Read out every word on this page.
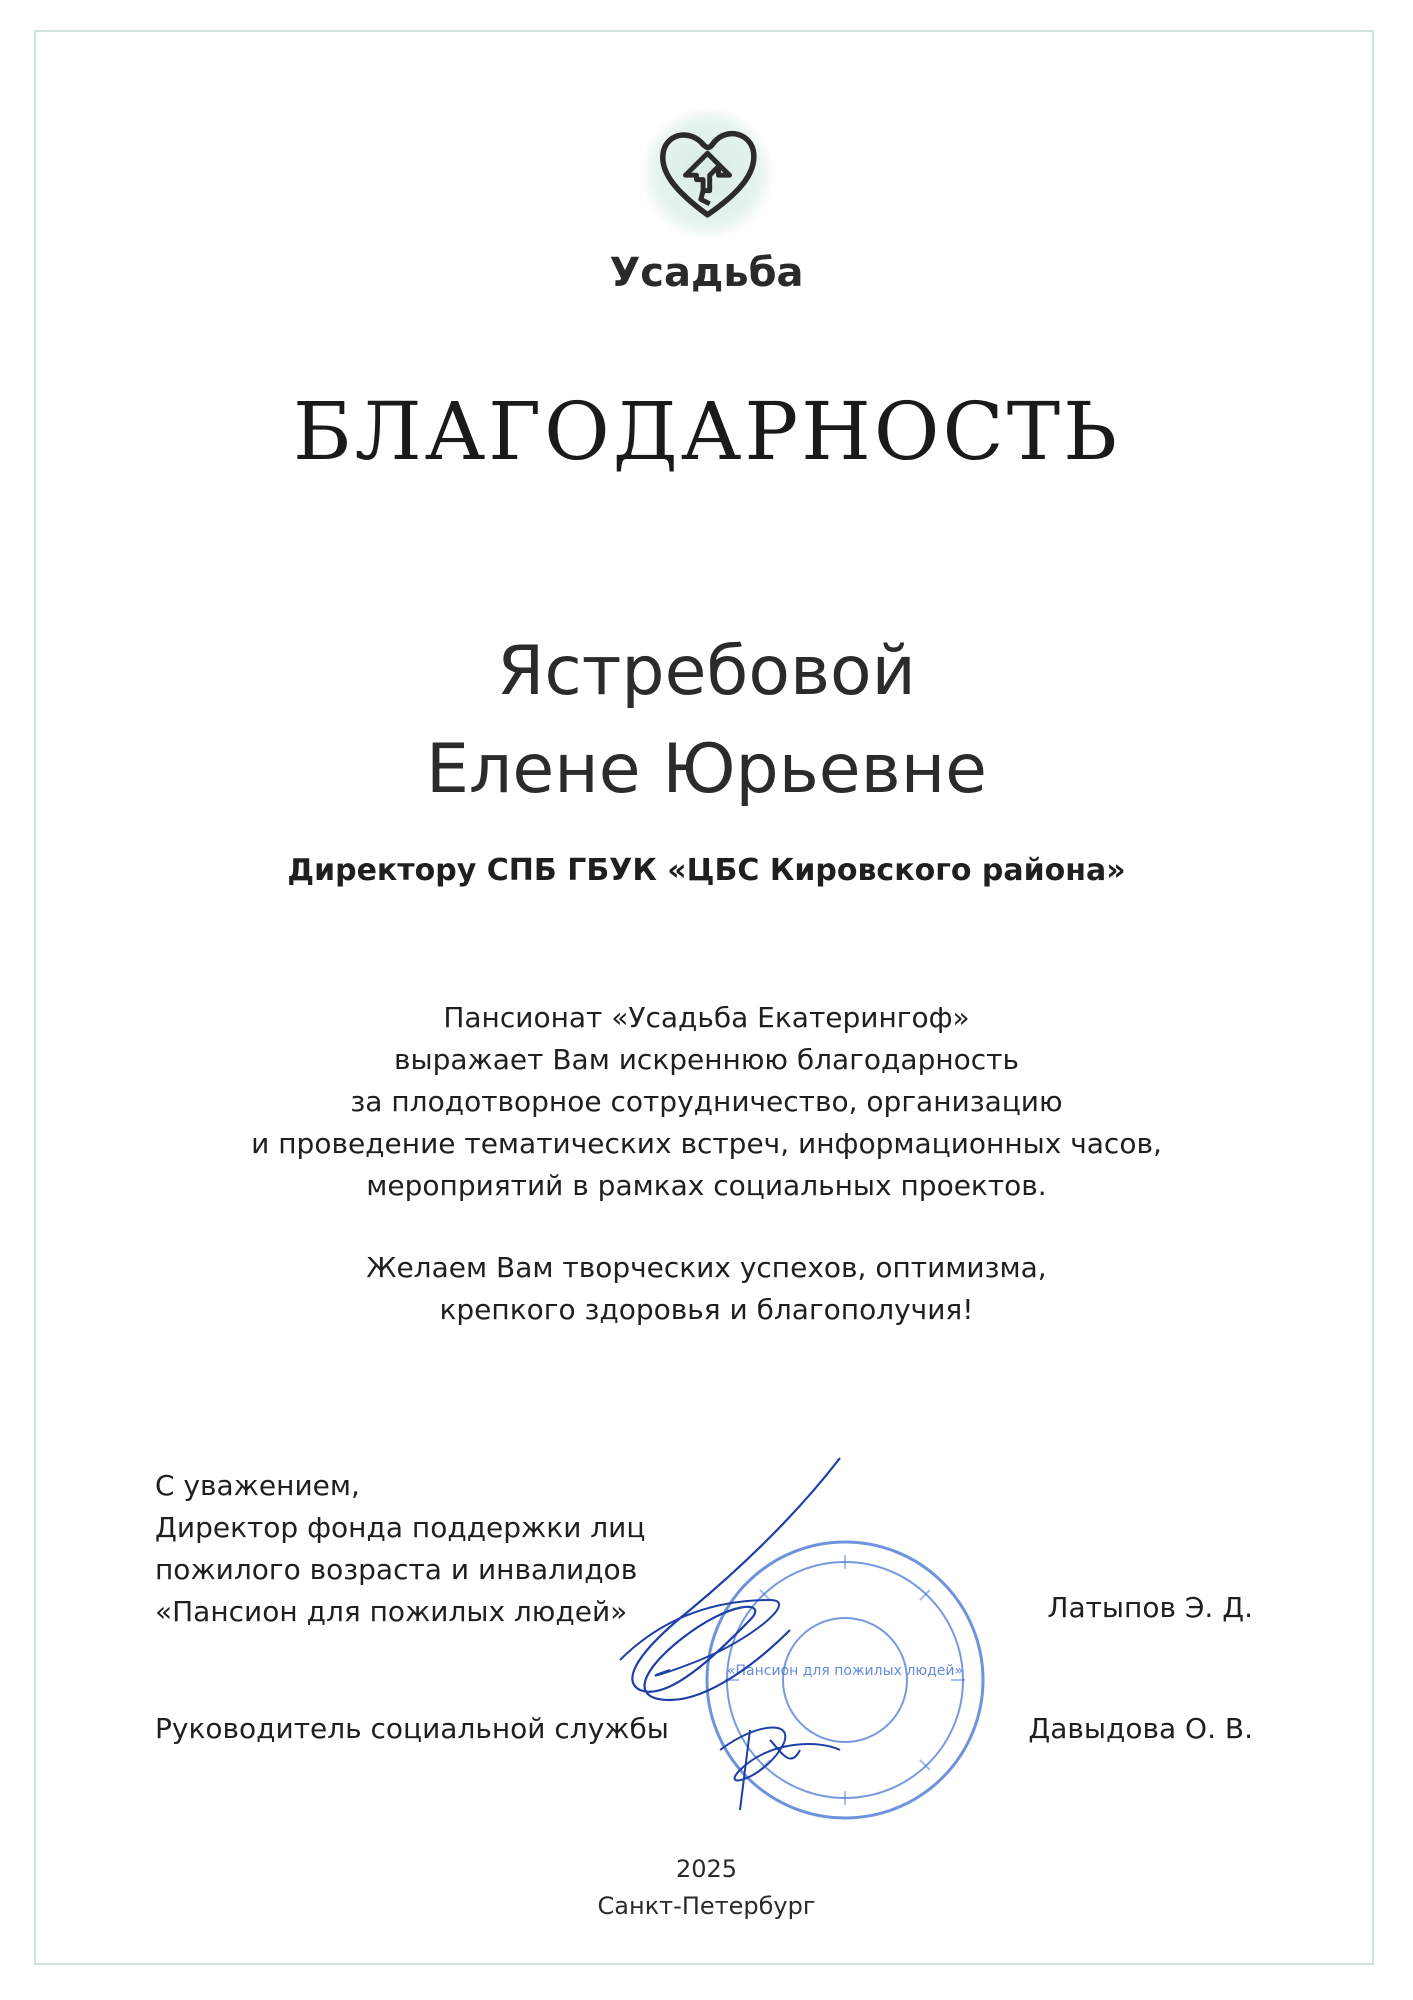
Усадьба
БЛАГОДАРНОСТЬ
Ястребовой
Елене Юрьевне
Директору СПБ ГБУК «ЦБС Кировского района»
Пансионат «Усадьба Екатерингоф»
выражает Вам искреннюю благодарность
за плодотворное сотрудничество, организацию
и проведение тематических встреч, информационных часов,
мероприятий в рамках социальных проектов.
Желаем Вам творческих успехов, оптимизма,
крепкого здоровья и благополучия!
«Пансион для пожилых людей»
С уважением,
Директор фонда поддержки лиц
пожилого возраста и инвалидов
«Пансион для пожилых людей»	Латыпов Э. Д.
Руководитель социальной службы	Давыдова О. В.
2025
Санкт-Петербург
